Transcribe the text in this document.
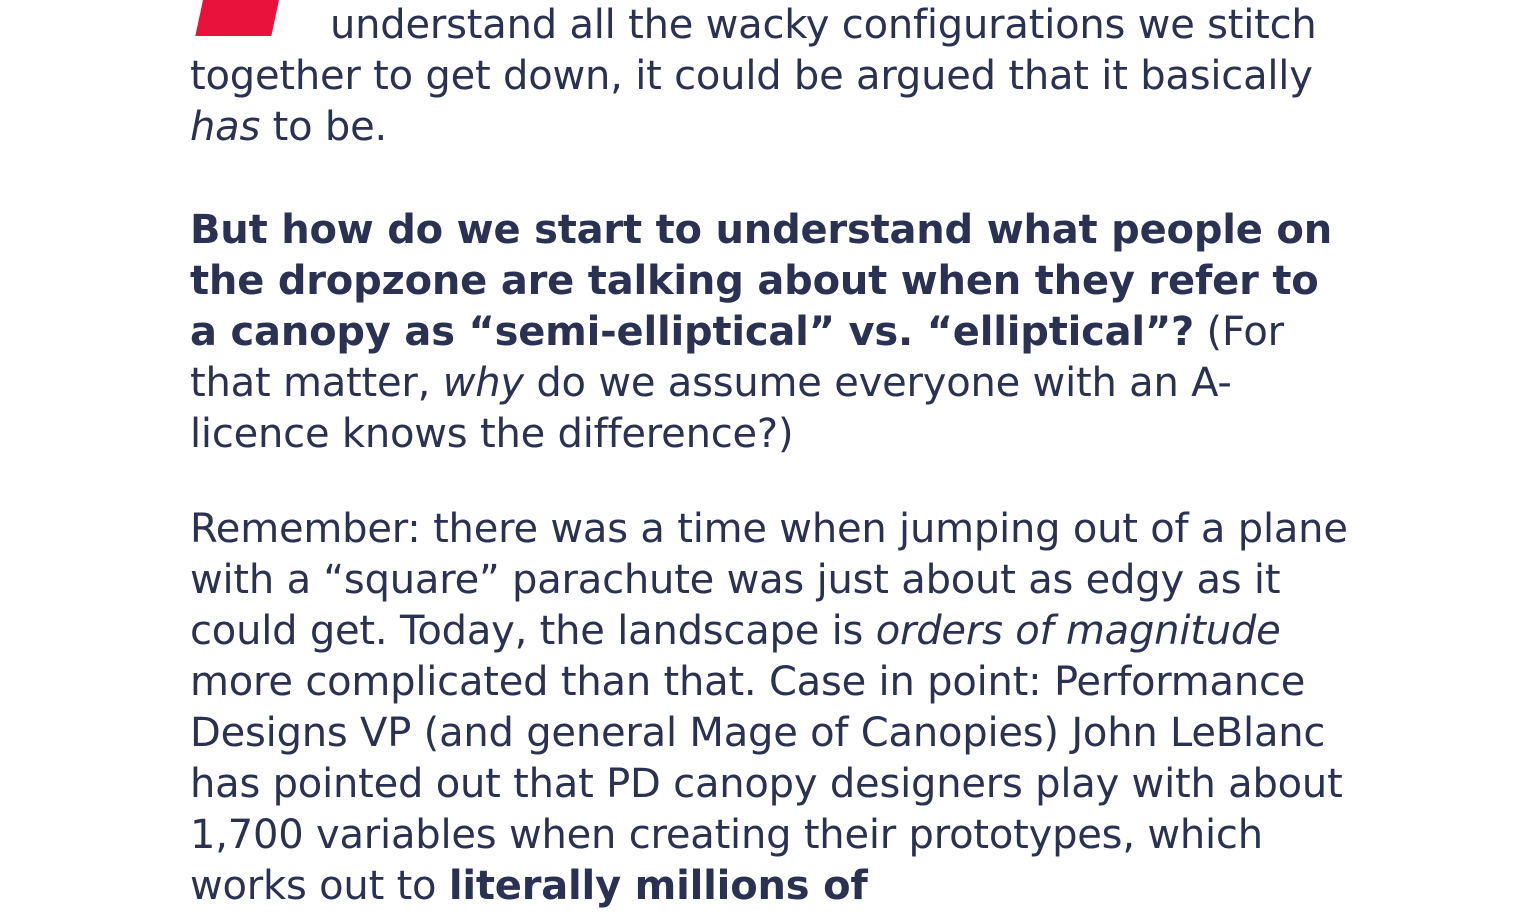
understand all the wacky configurations we stitch together to get down, it could be argued that it basically has to be.

But how do we start to understand what people on the dropzone are talking about when they refer to a canopy as “semi-elliptical” vs. “elliptical”? (For that matter, why do we assume everyone with an A-licence knows the difference?)

Remember: there was a time when jumping out of a plane with a “square” parachute was just about as edgy as it could get. Today, the landscape is orders of magnitude more complicated than that. Case in point: Performance Designs VP (and general Mage of Canopies) John LeBlanc has pointed out that PD canopy designers play with about 1,700 variables when creating their prototypes, which works out to literally millions of
